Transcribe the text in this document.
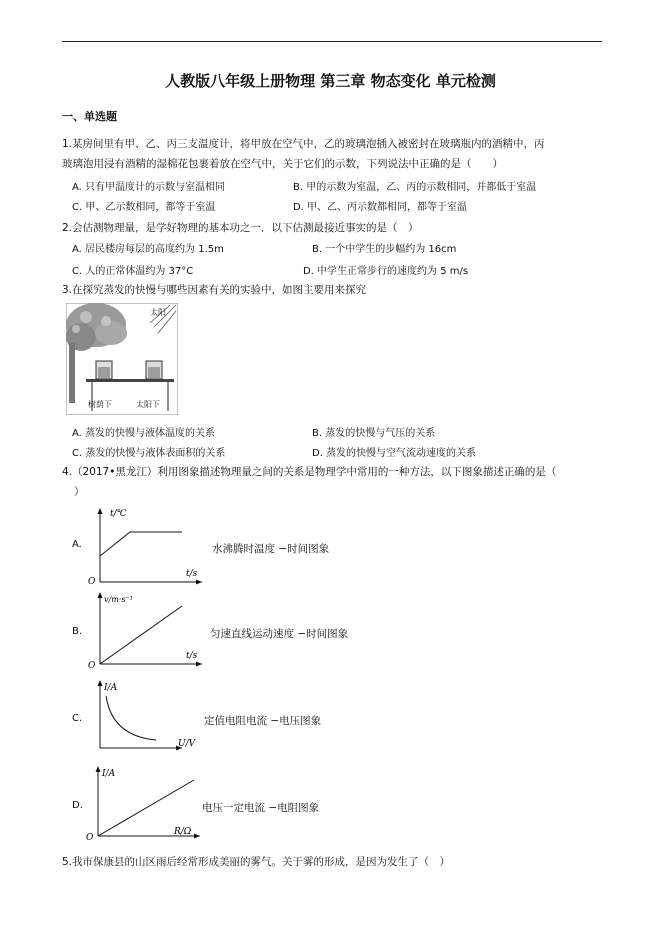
人教版八年级上册物理 第三章 物态变化 单元检测
一、单选题
1.某房间里有甲、乙、丙三支温度计，将甲放在空气中，乙的玻璃泡插入被密封在玻璃瓶内的酒精中，丙
玻璃泡用浸有酒精的湿棉花包裹着放在空气中，关于它们的示数，下列说法中正确的是（　　）
A. 只有甲温度计的示数与室温相同	B. 甲的示数为室温，乙、丙的示数相同，并都低于室温
C. 甲、乙示数相同，都等于室温	D. 甲、乙、丙示数都相同，都等于室温
2.会估测物理量，是学好物理的基本功之一．以下估测最接近事实的是（　）
A. 居民楼房每层的高度约为 1.5m	B. 一个中学生的步幅约为 16cm
C. 人的正常体温约为 37°C	D. 中学生正常步行的速度约为 5 m/s
3.在探究蒸发的快慢与哪些因素有关的实验中，如图主要用来探究
太阳
树荫下	太阳下
A. 蒸发的快慢与液体温度的关系	B. 蒸发的快慢与气压的关系
C. 蒸发的快慢与液体表面积的关系	D. 蒸发的快慢与空气流动速度的关系
4.（2017•黑龙江）利用图象描述物理量之间的关系是物理学中常用的一种方法，以下图象描述正确的是（
）
A.
t/℃
t/s
O
水沸腾时温度 −时间图象
B.
v/m·s⁻¹
t/s
O
匀速直线运动速度 −时间图象
C.
I/A
U/V
定值电阻电流 −电压图象
D.
I/A
R/Ω
O
电压一定电流 −电阻图象
5.我市保康县的山区雨后经常形成美丽的雾气。关于雾的形成，是因为发生了（　）
